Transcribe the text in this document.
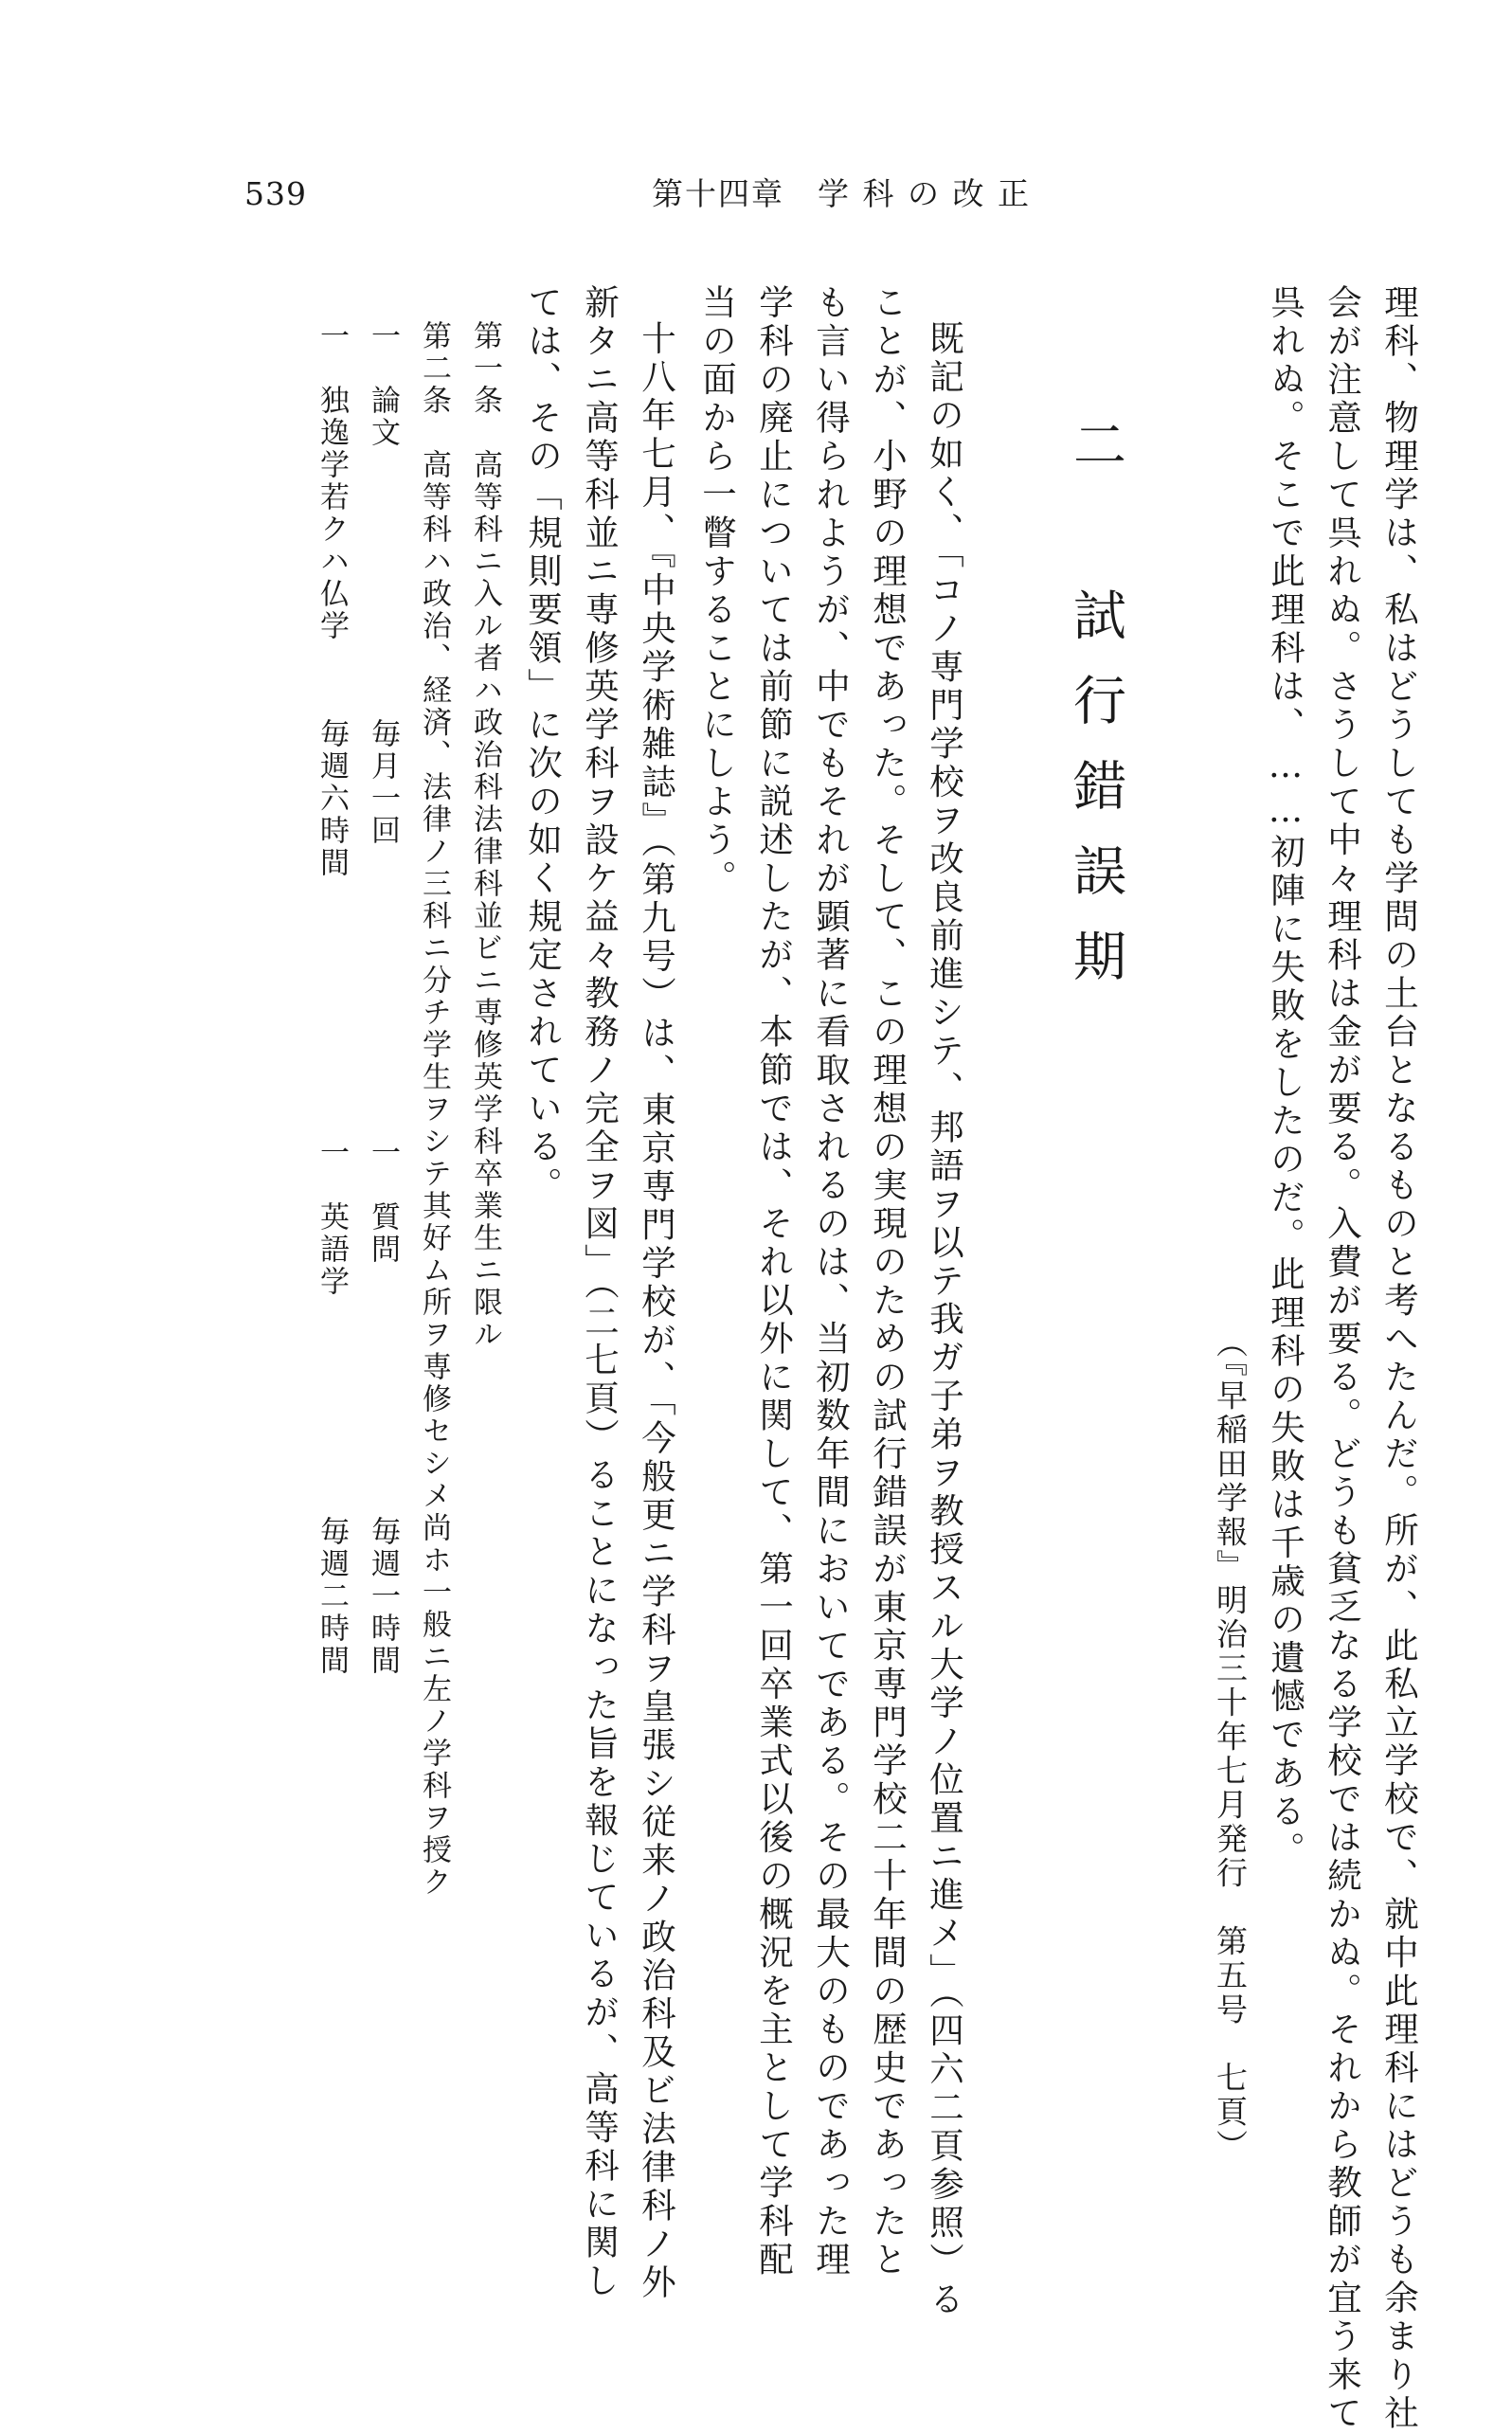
539	第十四章　学 科 の 改 正
理科、物理学は、私はどうしても学問の土台となるものと考へたんだ。所が、此私立学校で、就中此理科にはどうも余まり社
会が注意して呉れぬ。さうして中々理科は金が要る。入費が要る。どうも貧乏なる学校では続かぬ。それから教師が宜う来て
呉れぬ。そこで此理科は、……初陣に失敗をしたのだ。此理科の失敗は千歳の遺憾である。
（『早稲田学報』明治三十年七月発行　第五号　七頁）
二　試行錯誤期
既記の如く、「コノ専門学校ヲ改良前進シテ、邦語ヲ以テ我ガ子弟ヲ教授スル大学ノ位置ニ進メ」（四六二頁参照）る
ことが、小野の理想であった。そして、この理想の実現のための試行錯誤が東京専門学校二十年間の歴史であったと
も言い得られようが、中でもそれが顕著に看取されるのは、当初数年間においてである。その最大のものであった理
学科の廃止については前節に説述したが、本節では、それ以外に関して、第一回卒業式以後の概況を主として学科配
当の面から一瞥することにしよう。
十八年七月、『中央学術雑誌』（第九号）は、東京専門学校が、「今般更ニ学科ヲ皇張シ従来ノ政治科及ビ法律科ノ外
新タニ高等科並ニ専修英学科ヲ設ケ益々教務ノ完全ヲ図」（二七頁）ることになった旨を報じているが、高等科に関し
ては、その「規則要領」に次の如く規定されている。
第一条　高等科ニ入ル者ハ政治科法律科並ビニ専修英学科卒業生ニ限ル
第二条　高等科ハ政治、経済、法律ノ三科ニ分チ学生ヲシテ其好ム所ヲ専修セシメ尚ホ一般ニ左ノ学科ヲ授ク
一　論文
毎月一回
一　質問
毎週一時間
一　独逸学若クハ仏学
毎週六時間
一　英語学
毎週二時間
